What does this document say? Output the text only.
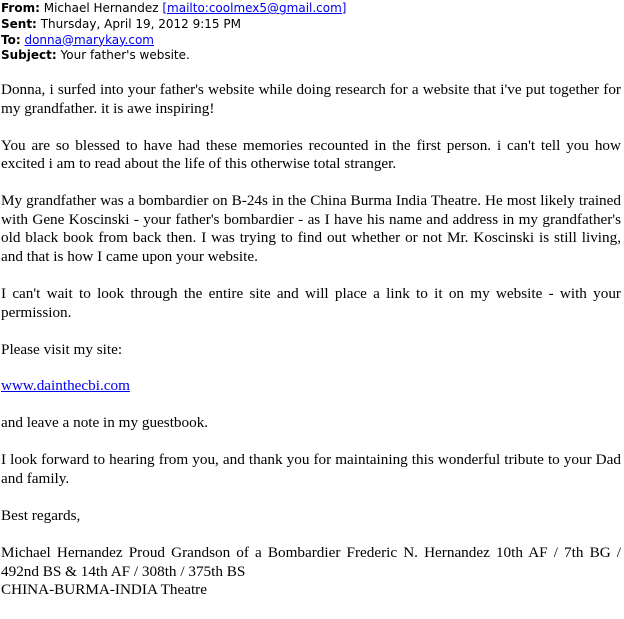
From: Michael Hernandez [mailto:coolmex5@gmail.com]
Sent: Thursday, April 19, 2012 9:15 PM
To: donna@marykay.com
Subject: Your father's website.

Donna, i surfed into your father's website while doing research for a website that i've put together for my grandfather. it is awe inspiring!

You are so blessed to have had these memories recounted in the first person. i can't tell you how excited i am to read about the life of this otherwise total stranger.

My grandfather was a bombardier on B-24s in the China Burma India Theatre. He most likely trained with Gene Koscinski - your father's bombardier - as I have his name and address in my grandfather's old black book from back then. I was trying to find out whether or not Mr. Koscinski is still living, and that is how I came upon your website.

I can't wait to look through the entire site and will place a link to it on my website - with your permission.

Please visit my site:

www.dainthecbi.com

and leave a note in my guestbook.

I look forward to hearing from you, and thank you for maintaining this wonderful tribute to your Dad and family.

Best regards,

Michael Hernandez Proud Grandson of a Bombardier Frederic N. Hernandez 10th AF / 7th BG / 492nd BS & 14th AF / 308th / 375th BS
CHINA-BURMA-INDIA Theatre
